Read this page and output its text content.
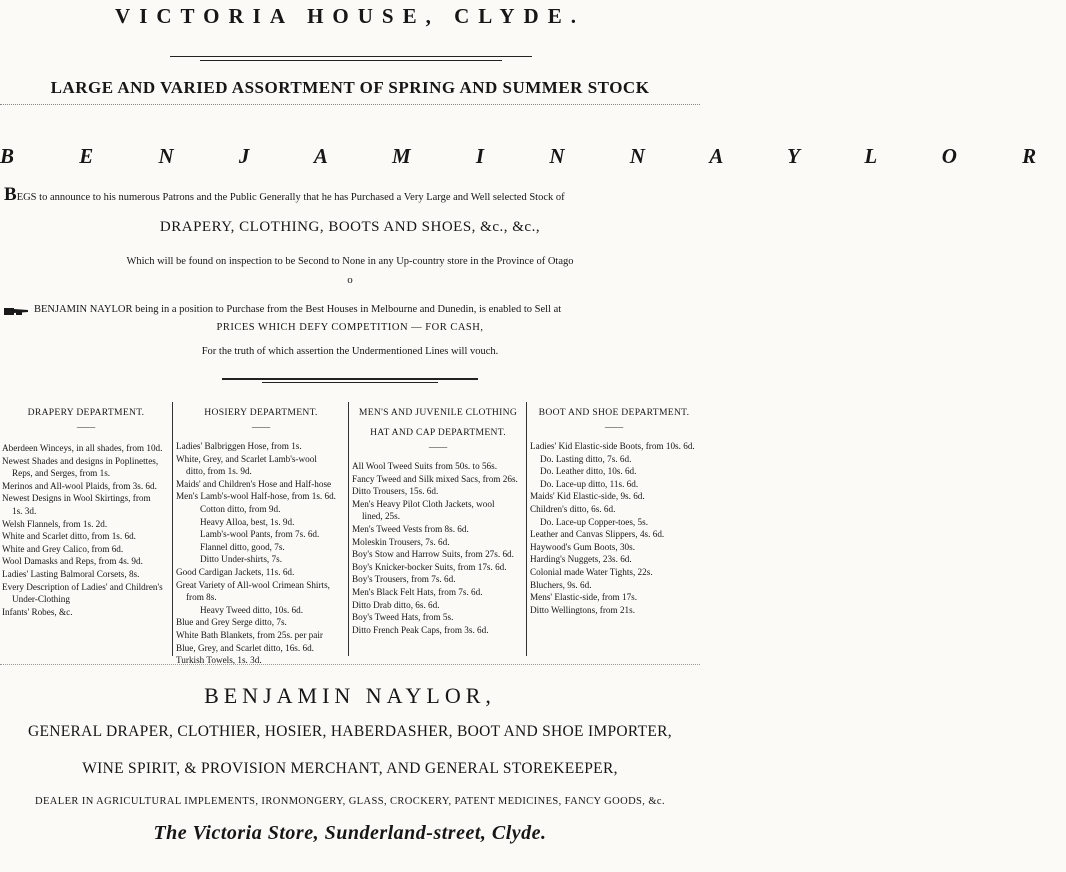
VICTORIA HOUSE, CLYDE.
LARGE AND VARIED ASSORTMENT OF SPRING AND SUMMER STOCK
B E N J A M I N N A Y L O R
BEGS to announce to his numerous Patrons and the Public Generally that he has Purchased a Very Large and Well selected Stock of
DRAPERY, CLOTHING, BOOTS AND SHOES, &c., &c.,
Which will be found on inspection to be Second to None in any Up-country store in the Province of Otago
o
BENJAMIN NAYLOR being in a position to Purchase from the Best Houses in Melbourne and Dunedin, is enabled to Sell at
PRICES WHICH DEFY COMPETITION — FOR CASH,
For the truth of which assertion the Undermentioned Lines will vouch.
DRAPERY DEPARTMENT.
——
Aberdeen Winceys, in all shades, from 10d.
Newest Shades and designs in Poplinettes,
Reps, and Serges, from 1s.
Merinos and All-wool Plaids, from 3s. 6d.
Newest Designs in Wool Skirtings, from
1s. 3d.
Welsh Flannels, from 1s. 2d.
White and Scarlet ditto, from 1s. 6d.
White and Grey Calico, from 6d.
Wool Damasks and Reps, from 4s. 9d.
Ladies' Lasting Balmoral Corsets, 8s.
Every Description of Ladies' and Children's
Under-Clothing
Infants' Robes, &c.
HOSIERY DEPARTMENT.
——
Ladies' Balbriggen Hose, from 1s.
White, Grey, and Scarlet Lamb's-wool
ditto, from 1s. 9d.
Maids' and Children's Hose and Half-hose
Men's Lamb's-wool Half-hose, from 1s. 6d.
Cotton ditto, from 9d.
Heavy Alloa, best, 1s. 9d.
Lamb's-wool Pants, from 7s. 6d.
Flannel ditto, good, 7s.
Ditto Under-shirts, 7s.
Good Cardigan Jackets, 11s. 6d.
Great Variety of All-wool Crimean Shirts,
from 8s.
Heavy Tweed ditto, 10s. 6d.
Blue and Grey Serge ditto, 7s.
White Bath Blankets, from 25s. per pair
Blue, Grey, and Scarlet ditto, 16s. 6d.
Turkish Towels, 1s. 3d.
MEN'S AND JUVENILE CLOTHING
HAT AND CAP DEPARTMENT.
——
All Wool Tweed Suits from 50s. to 56s.
Fancy Tweed and Silk mixed Sacs, from 26s.
Ditto Trousers, 15s. 6d.
Men's Heavy Pilot Cloth Jackets, wool
lined, 25s.
Men's Tweed Vests from 8s. 6d.
Moleskin Trousers, 7s. 6d.
Boy's Stow and Harrow Suits, from 27s. 6d.
Boy's Knicker-bocker Suits, from 17s. 6d.
Boy's Trousers, from 7s. 6d.
Men's Black Felt Hats, from 7s. 6d.
Ditto Drab ditto, 6s. 6d.
Boy's Tweed Hats, from 5s.
Ditto French Peak Caps, from 3s. 6d.
BOOT AND SHOE DEPARTMENT.
——
Ladies' Kid Elastic-side Boots, from 10s. 6d.
Do. Lasting ditto, 7s. 6d.
Do. Leather ditto, 10s. 6d.
Do. Lace-up ditto, 11s. 6d.
Maids' Kid Elastic-side, 9s. 6d.
Children's ditto, 6s. 6d.
Do. Lace-up Copper-toes, 5s.
Leather and Canvas Slippers, 4s. 6d.
Haywood's Gum Boots, 30s.
Harding's Nuggets, 23s. 6d.
Colonial made Water Tights, 22s.
Bluchers, 9s. 6d.
Mens' Elastic-side, from 17s.
Ditto Wellingtons, from 21s.
BENJAMIN NAYLOR,
GENERAL DRAPER, CLOTHIER, HOSIER, HABERDASHER, BOOT AND SHOE IMPORTER,
WINE SPIRIT, & PROVISION MERCHANT, AND GENERAL STOREKEEPER,
DEALER IN AGRICULTURAL IMPLEMENTS, IRONMONGERY, GLASS, CROCKERY, PATENT MEDICINES, FANCY GOODS, &c.
The Victoria Store, Sunderland-street, Clyde.
